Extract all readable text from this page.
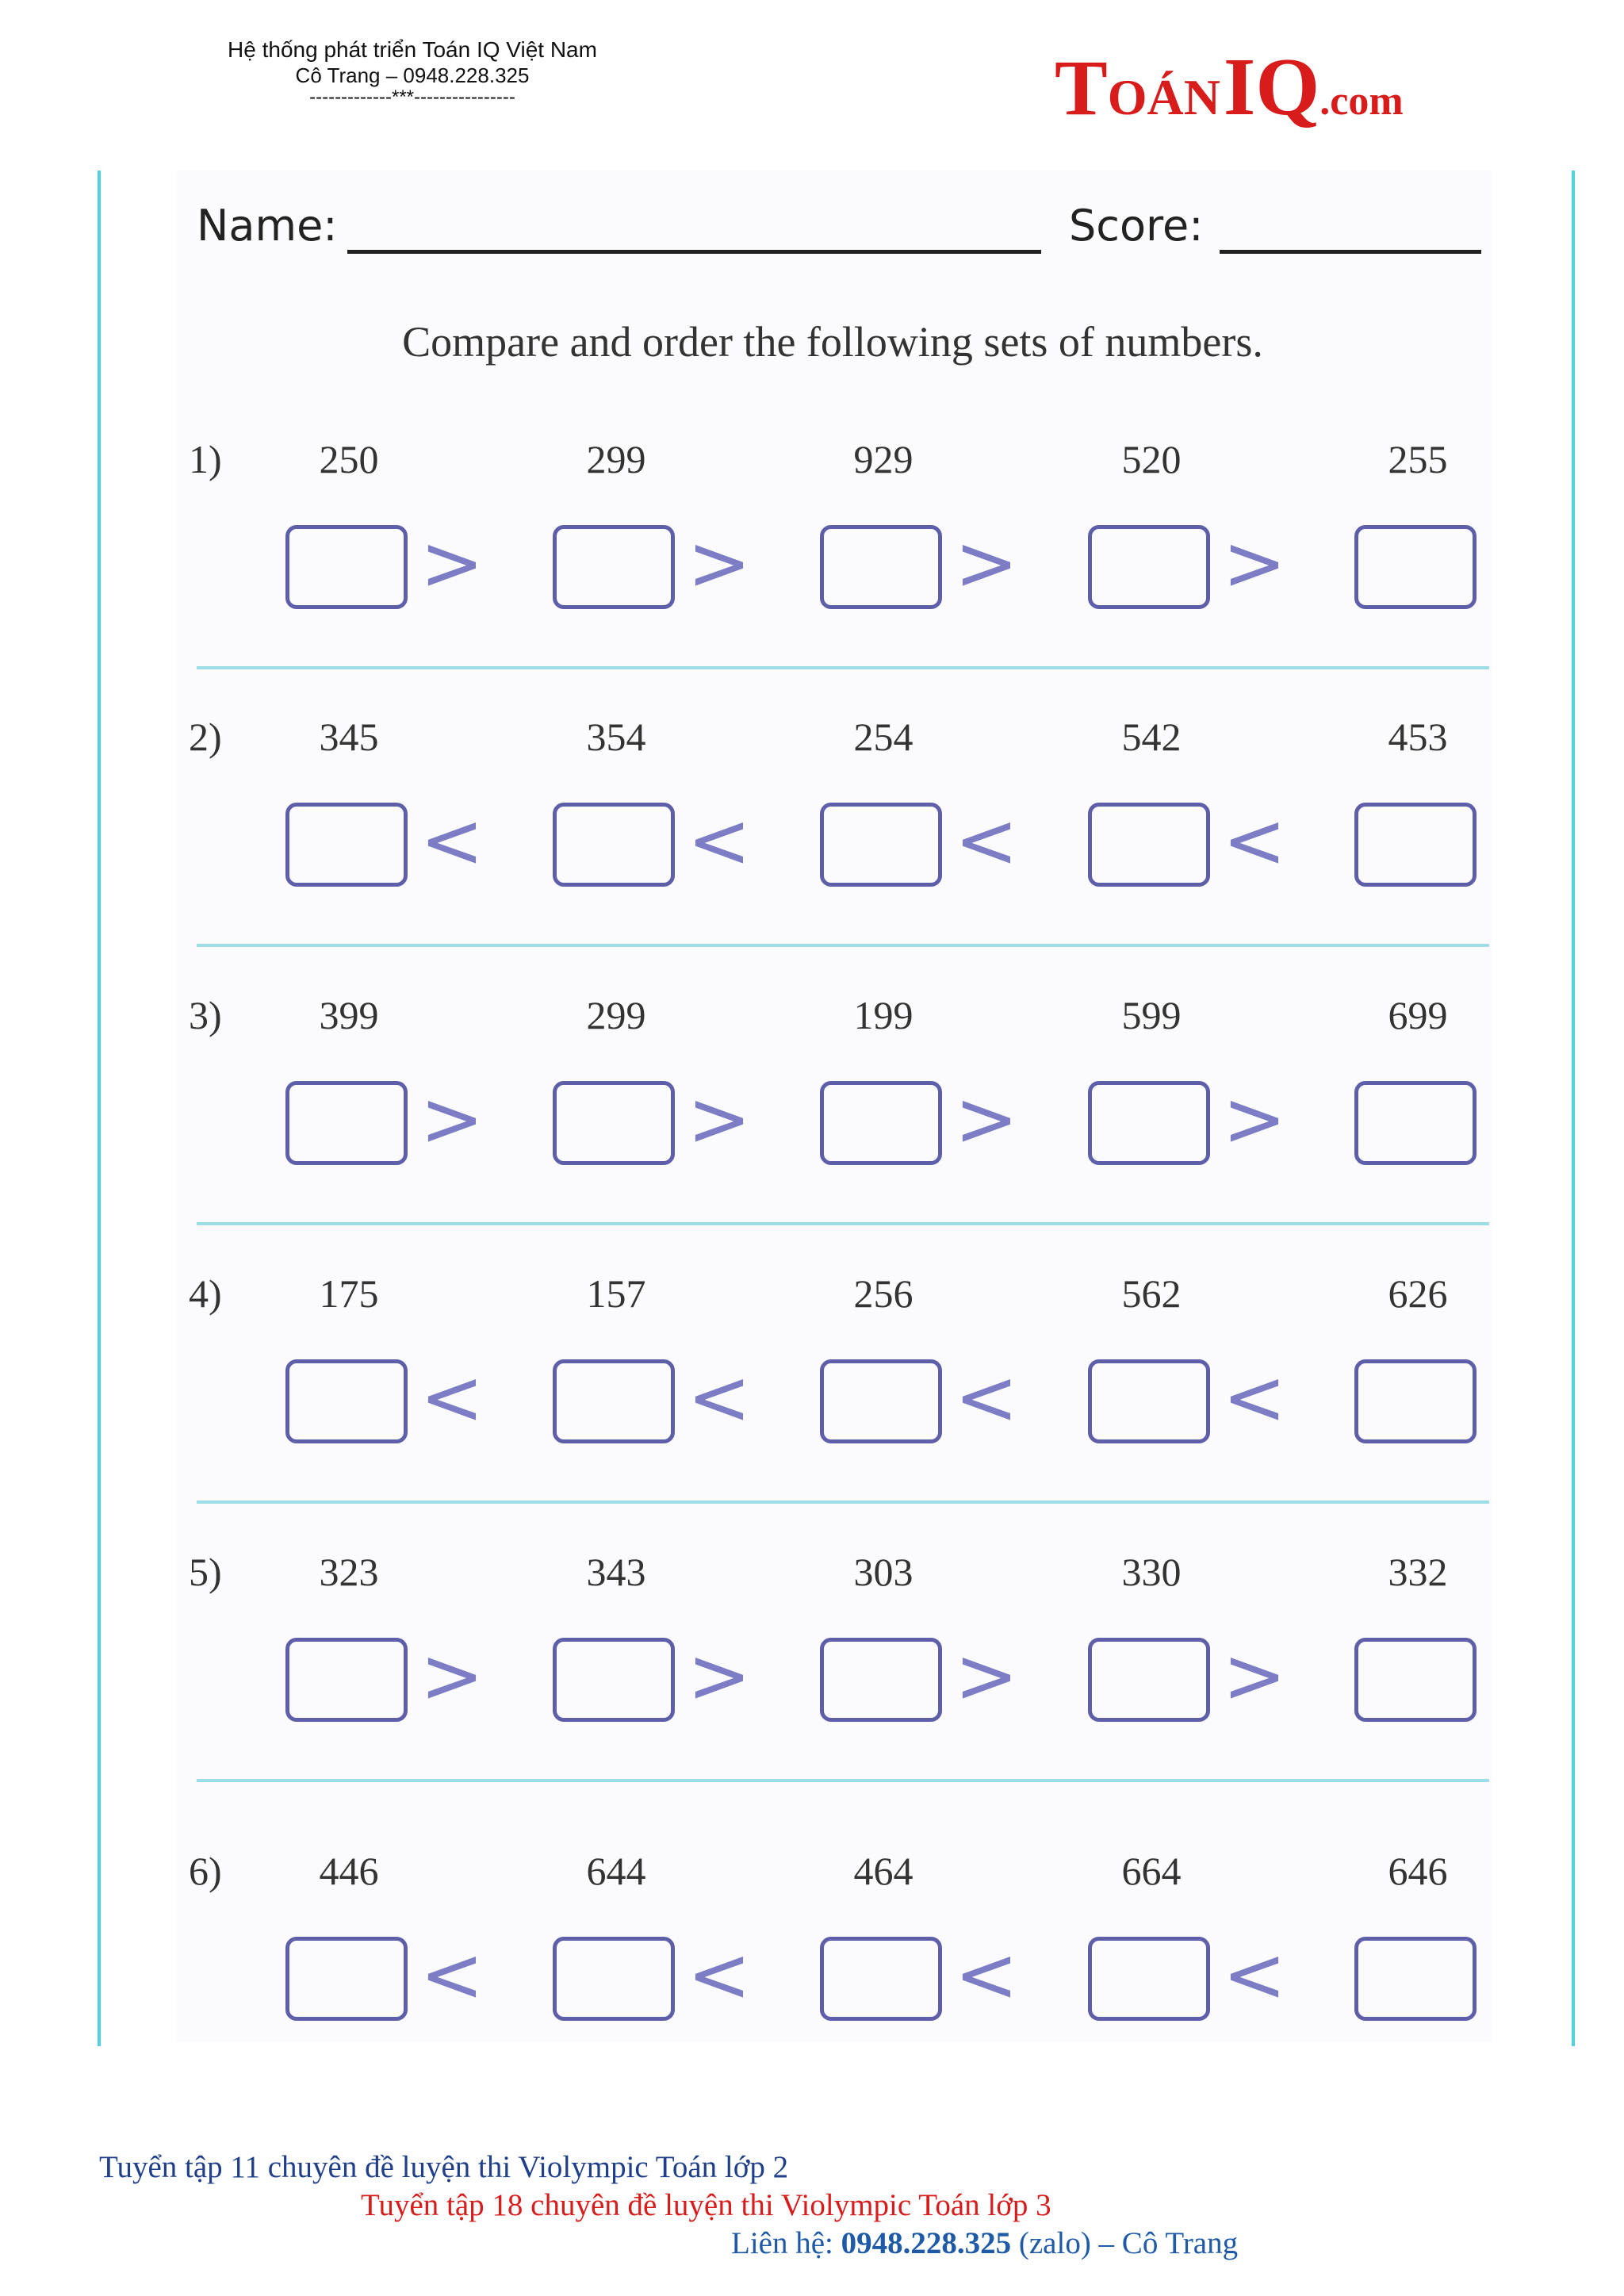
Hệ thống phát triển Toán IQ Việt Nam
Cô Trang – 0948.228.325
-------------***----------------	TOÁN IQ.com
Name:	Score:
Compare and order the following sets of numbers.
1)	250
>
299
>
929
>
520
>
255
2)	345
<
354
<
254
<
542
<
453
3)	399
>
299
>
199
>
599
>
699
4)	175
<
157
<
256
<
562
<
626
5)	323
>
343
>
303
>
330
>
332
6)	446
<
644
<
464
<
664
<
646
Tuyển tập 11 chuyên đề luyện thi Violympic Toán lớp 2
Tuyển tập 18 chuyên đề luyện thi Violympic Toán lớp 3
Liên hệ: 0948.228.325 (zalo) – Cô Trang
